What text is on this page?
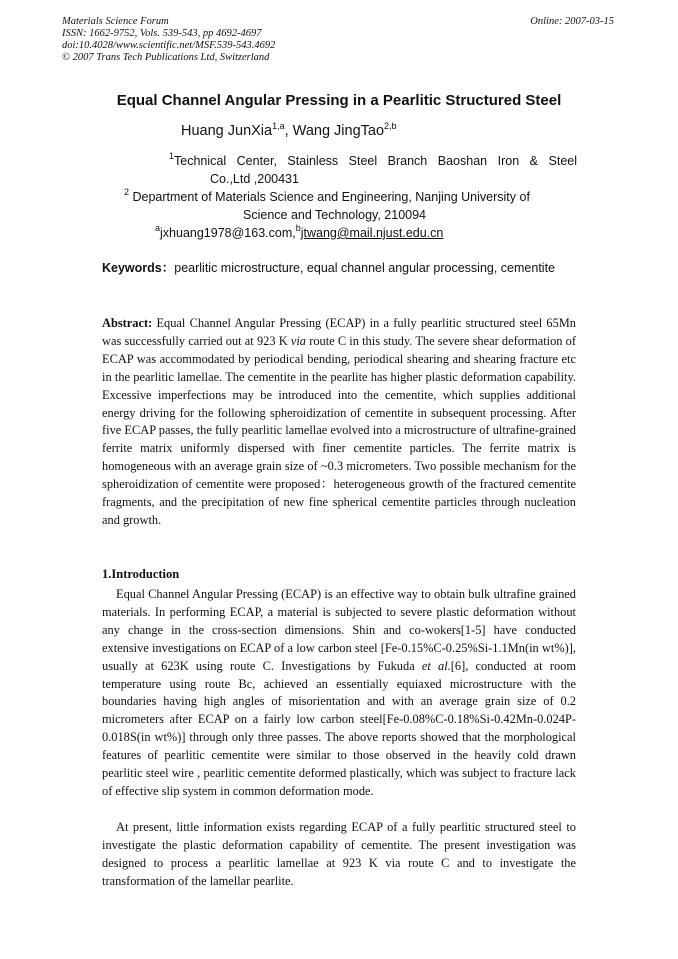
Materials Science Forum
ISSN: 1662-9752, Vols. 539-543, pp 4692-4697
doi:10.4028/www.scientific.net/MSF.539-543.4692
© 2007 Trans Tech Publications Ltd, Switzerland
Online: 2007-03-15
Equal Channel Angular Pressing in a Pearlitic Structured Steel
Huang JunXia$^{1,a}$, Wang JingTao$^{2,b}$
$^1$Technical Center, Stainless Steel Branch Baoshan Iron & Steel
Co.,Ltd ,200431
$^2$ Department of Materials Science and Engineering, Nanjing University of
Science and Technology, 210094
$^a$jxhuang1978@163.com,$^b$jtwang@mail.njust.edu.cn
Keywords：pearlitic microstructure, equal channel angular processing, cementite
Abstract: Equal Channel Angular Pressing (ECAP) in a fully pearlitic structured steel 65Mn was successfully carried out at 923 K via route C in this study. The severe shear deformation of ECAP was accommodated by periodical bending, periodical shearing and shearing fracture etc in the pearlitic lamellae. The cementite in the pearlite has higher plastic deformation capability. Excessive imperfections may be introduced into the cementite, which supplies additional energy driving for the following spheroidization of cementite in subsequent processing. After five ECAP passes, the fully pearlitic lamellae evolved into a microstructure of ultrafine-grained ferrite matrix uniformly dispersed with finer cementite particles. The ferrite matrix is homogeneous with an average grain size of ~0.3 micrometers. Two possible mechanism for the spheroidization of cementite were proposed：heterogeneous growth of the fractured cementite fragments, and the precipitation of new fine spherical cementite particles through nucleation and growth.
1.Introduction
Equal Channel Angular Pressing (ECAP) is an effective way to obtain bulk ultrafine grained materials. In performing ECAP, a material is subjected to severe plastic deformation without any change in the cross-section dimensions. Shin and co-wokers[1-5] have conducted extensive investigations on ECAP of a low carbon steel [Fe-0.15%C-0.25%Si-1.1Mn(in wt%)], usually at 623K using route C. Investigations by Fukuda et al.[6], conducted at room temperature using route Bc, achieved an essentially equiaxed microstructure with the boundaries having high angles of misorientation and with an average grain size of 0.2 micrometers after ECAP on a fairly low carbon steel[Fe-0.08%C-0.18%Si-0.42Mn-0.024P-0.018S(in wt%)] through only three passes. The above reports showed that the morphological features of pearlitic cementite were similar to those observed in the heavily cold drawn pearlitic steel wire , pearlitic cementite deformed plastically, which was subject to fracture lack of effective slip system in common deformation mode.
At present, little information exists regarding ECAP of a fully pearlitic structured steel to investigate the plastic deformation capability of cementite. The present investigation was designed to process a pearlitic lamellae at 923 K via route C and to investigate the transformation of the lamellar pearlite.
